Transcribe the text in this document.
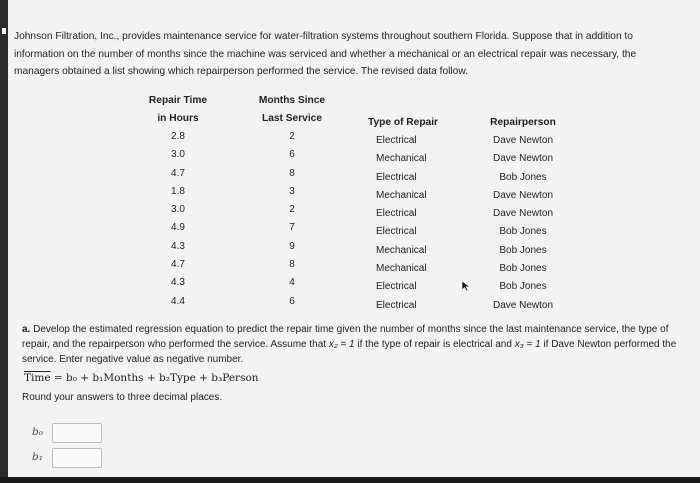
Johnson Filtration, Inc., provides maintenance service for water-filtration systems throughout southern Florida. Suppose that in addition to information on the number of months since the machine was serviced and whether a mechanical or an electrical repair was necessary, the managers obtained a list showing which repairperson performed the service. The revised data follow.
Repair Time
in Hours
2.8
3.0
4.7
1.8
3.0
4.9
4.3
4.7
4.3
4.4
Months Since
Last Service
2
6
8
3
2
7
9
8
4
6
Type of Repair
Electrical
Mechanical
Electrical
Mechanical
Electrical
Electrical
Mechanical
Mechanical
Electrical
Electrical
Repairperson
Dave Newton
Dave Newton
Bob Jones
Dave Newton
Dave Newton
Bob Jones
Bob Jones
Bob Jones
Bob Jones
Dave Newton
a. Develop the estimated regression equation to predict the repair time given the number of months since the last maintenance service, the type of repair, and the repairperson who performed the service. Assume that x₂ = 1 if the type of repair is electrical and x₃ = 1 if Dave Newton performed the service. Enter negative value as negative number.
Time = b₀ + b₁Months + b₂Type + b₃Person
Round your answers to three decimal places.
b₀
b₁
